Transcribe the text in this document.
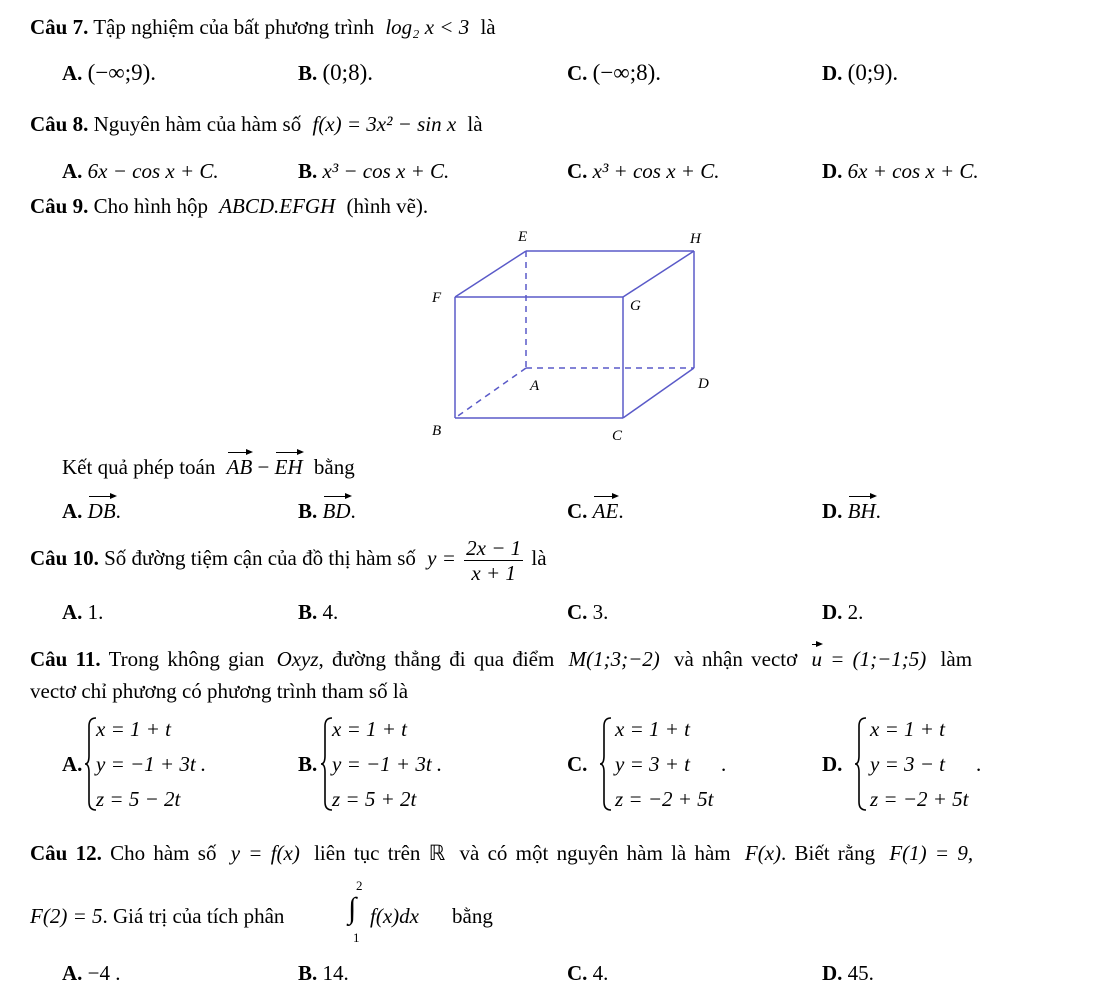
Câu 7. Tập nghiệm của bất phương trình log₂ x < 3 là
A. (−∞;9).	B. (0;8).	C. (−∞;8).	D. (0;9).
Câu 8. Nguyên hàm của hàm số f(x) = 3x² − sin x là
A. 6x − cos x + C.	B. x³ − cos x + C.	C. x³ + cos x + C.	D. 6x + cos x + C.
Câu 9. Cho hình hộp ABCD.EFGH (hình vẽ).
E	H
F	G
A	D
B	C
Kết quả phép toán AB − EH bằng
A. DB.	B. BD.	C. AE.	D. BH.
Câu 10. Số đường tiệm cận của đồ thị hàm số $y = \frac{2x - 1}{x + 1}$ là
A. 1.	B. 4.	C. 3.	D. 2.
Câu 11. Trong không gian Oxyz, đường thẳng đi qua điểm M(1;3;−2) và nhận vectơ u = (1;−1;5) làm
vectơ chỉ phương có phương trình tham số là
A.
x = 1 + t
y = −1 + 3t .
z = 5 − 2t
B.
x = 1 + t
y = −1 + 3t .
z = 5 + 2t
C.
x = 1 + t
y = 3 + t      .
z = −2 + 5t
D.
x = 1 + t
y = 3 − t      .
z = −2 + 5t
Câu 12. Cho hàm số y = f(x) liên tục trên ℝ và có một nguyên hàm là hàm F(x). Biết rằng F(1) = 9,
F(2) = 5. Giá trị của tích phân
2
∫
1
f(x)dx bằng
A. −4 .	B. 14.	C. 4.	D. 45.
